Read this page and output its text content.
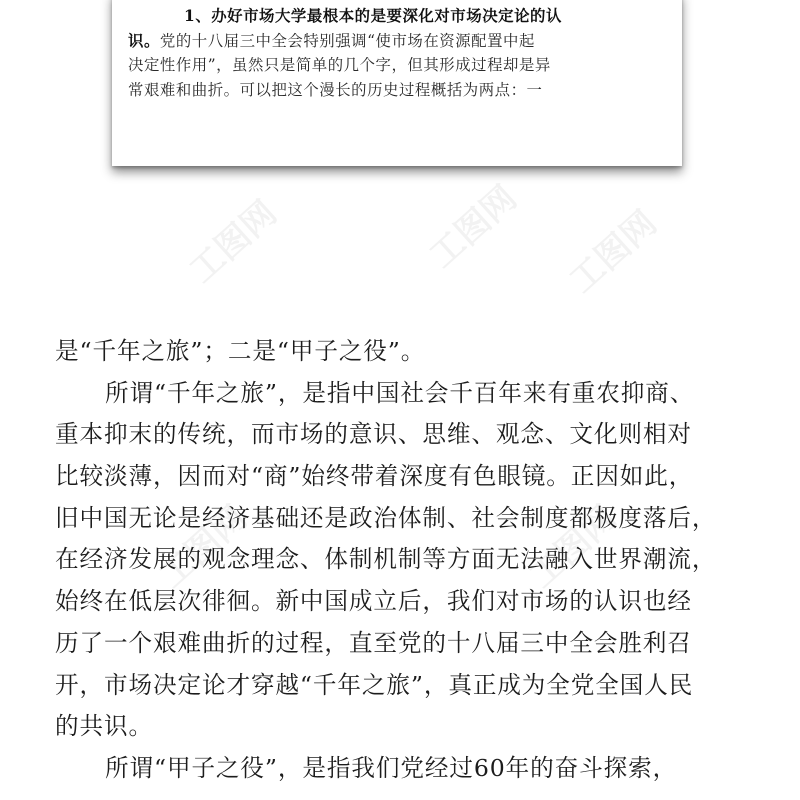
工图网	工图网 工图网
工图网	工图网
1、办好市场大学最根本的是要深化对市场决定论的认
识。党的十八届三中全会特别强调“使市场在资源配置中起
决定性作用”，虽然只是简单的几个字，但其形成过程却是异
常艰难和曲折。可以把这个漫长的历史过程概括为两点：一
是“千年之旅”；二是“甲子之役”。
所谓“千年之旅”，是指中国社会千百年来有重农抑商、
重本抑末的传统，而市场的意识、思维、观念、文化则相对
比较淡薄，因而对“商”始终带着深度有色眼镜。正因如此，
旧中国无论是经济基础还是政治体制、社会制度都极度落后，
在经济发展的观念理念、体制机制等方面无法融入世界潮流，
始终在低层次徘徊。新中国成立后，我们对市场的认识也经
历了一个艰难曲折的过程，直至党的十八届三中全会胜利召
开，市场决定论才穿越“千年之旅”，真正成为全党全国人民
的共识。
所谓“甲子之役”，是指我们党经过60年的奋斗探索，
